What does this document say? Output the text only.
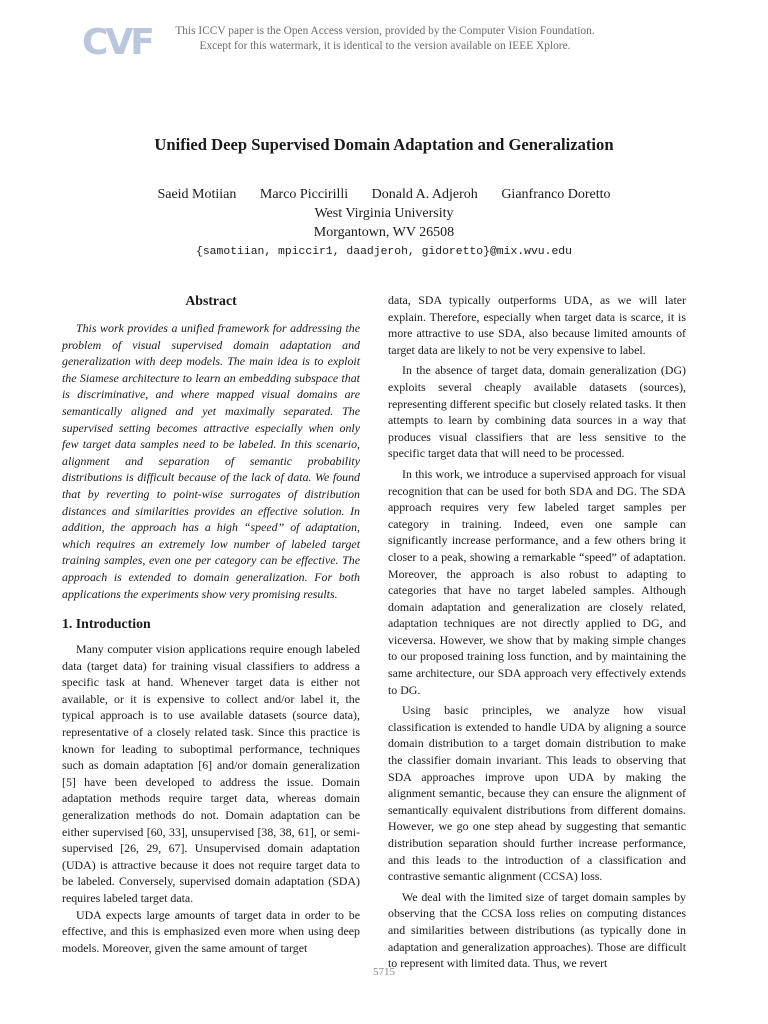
CVF	This ICCV paper is the Open Access version, provided by the Computer Vision Foundation.
Except for this watermark, it is identical to the version available on IEEE Xplore.
Unified Deep Supervised Domain Adaptation and Generalization
Saeid Motiian Marco Piccirilli Donald A. Adjeroh Gianfranco Doretto
West Virginia University
Morgantown, WV 26508
{samotiian, mpiccir1, daadjeroh, gidoretto}@mix.wvu.edu
Abstract

This work provides a unified framework for addressing the problem of visual supervised domain adaptation and generalization with deep models. The main idea is to exploit the Siamese architecture to learn an embedding subspace that is discriminative, and where mapped visual domains are semantically aligned and yet maximally separated. The supervised setting becomes attractive especially when only few target data samples need to be labeled. In this scenario, alignment and separation of semantic probability distributions is difficult because of the lack of data. We found that by reverting to point-wise surrogates of distribution distances and similarities provides an effective solution. In addition, the approach has a high “speed” of adaptation, which requires an extremely low number of labeled target training samples, even one per category can be effective. The approach is extended to domain generalization. For both applications the experiments show very promising results.

1. Introduction

Many computer vision applications require enough labeled data (target data) for training visual classifiers to address a specific task at hand. Whenever target data is either not available, or it is expensive to collect and/or label it, the typical approach is to use available datasets (source data), representative of a closely related task. Since this practice is known for leading to suboptimal performance, techniques such as domain adaptation [6] and/or domain generalization [5] have been developed to address the issue. Domain adaptation methods require target data, whereas domain generalization methods do not. Domain adaptation can be either supervised [60, 33], unsupervised [38, 38, 61], or semi-supervised [26, 29, 67]. Unsupervised domain adaptation (UDA) is attractive because it does not require target data to be labeled. Conversely, supervised domain adaptation (SDA) requires labeled target data.

UDA expects large amounts of target data in order to be effective, and this is emphasized even more when using deep models. Moreover, given the same amount of target

data, SDA typically outperforms UDA, as we will later explain. Therefore, especially when target data is scarce, it is more attractive to use SDA, also because limited amounts of target data are likely to not be very expensive to label.

In the absence of target data, domain generalization (DG) exploits several cheaply available datasets (sources), representing different specific but closely related tasks. It then attempts to learn by combining data sources in a way that produces visual classifiers that are less sensitive to the specific target data that will need to be processed.

In this work, we introduce a supervised approach for visual recognition that can be used for both SDA and DG. The SDA approach requires very few labeled target samples per category in training. Indeed, even one sample can significantly increase performance, and a few others bring it closer to a peak, showing a remarkable “speed” of adaptation. Moreover, the approach is also robust to adapting to categories that have no target labeled samples. Although domain adaptation and generalization are closely related, adaptation techniques are not directly applied to DG, and viceversa. However, we show that by making simple changes to our proposed training loss function, and by maintaining the same architecture, our SDA approach very effectively extends to DG.

Using basic principles, we analyze how visual classification is extended to handle UDA by aligning a source domain distribution to a target domain distribution to make the classifier domain invariant. This leads to observing that SDA approaches improve upon UDA by making the alignment semantic, because they can ensure the alignment of semantically equivalent distributions from different domains. However, we go one step ahead by suggesting that semantic distribution separation should further increase performance, and this leads to the introduction of a classification and contrastive semantic alignment (CCSA) loss.

We deal with the limited size of target domain samples by observing that the CCSA loss relies on computing distances and similarities between distributions (as typically done in adaptation and generalization approaches). Those are difficult to represent with limited data. Thus, we revert

5715
